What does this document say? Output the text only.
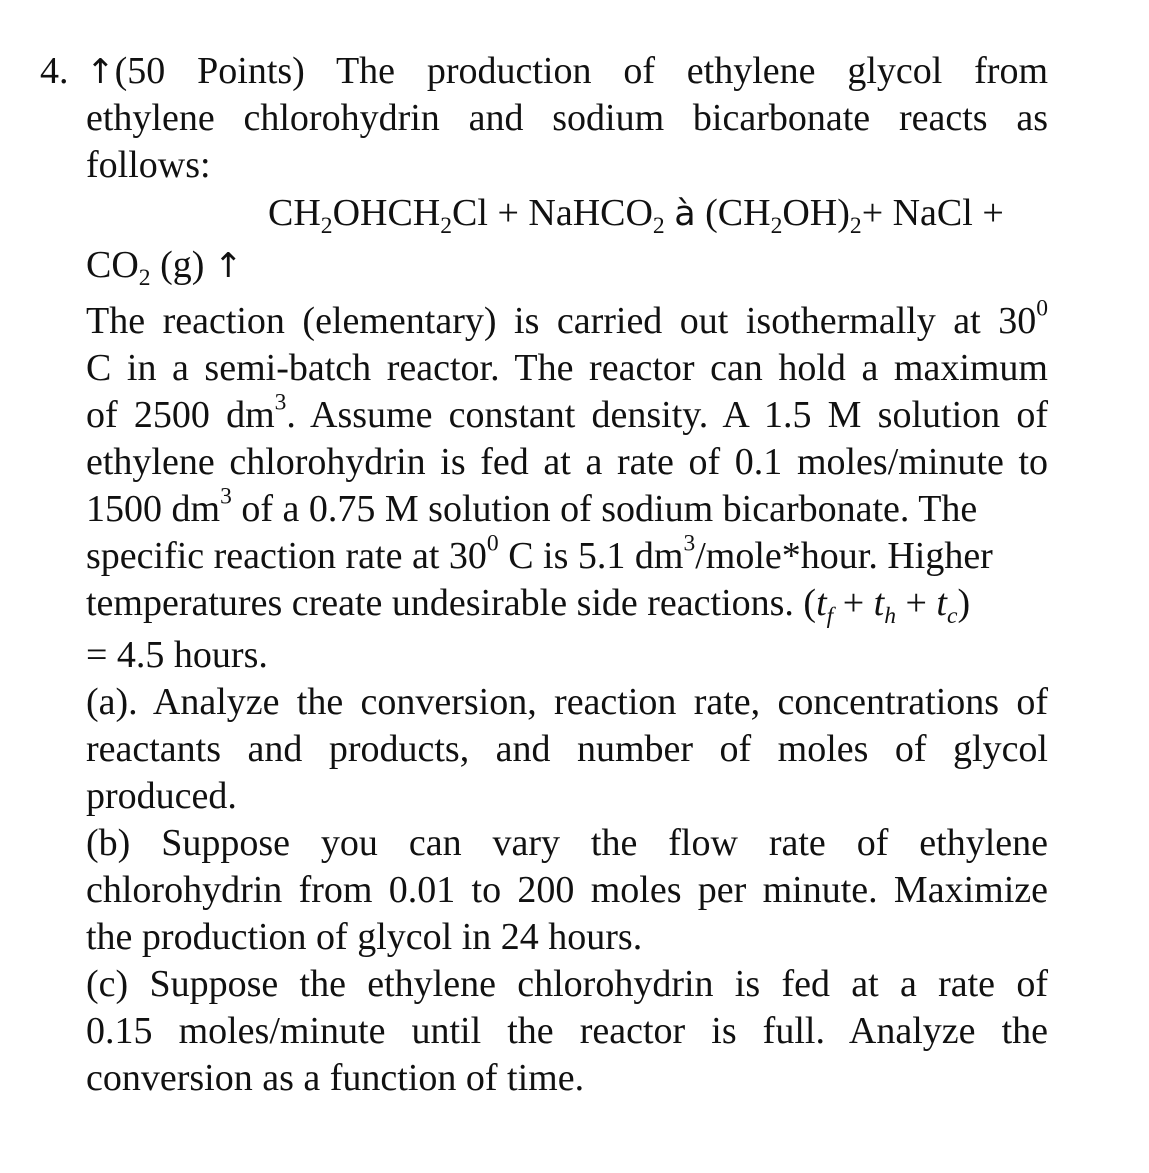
4. ↑(50 Points) The production of ethylene glycol from
ethylene chlorohydrin and sodium bicarbonate reacts as
follows:
$CH_2OHCH_2Cl$ + NaHCO$_2$ à $(CH_2OH)_2+$ NaCl +
$CO_2$ (g) ↑
The reaction (elementary) is carried out isothermally at $30^0$
C in a semi-batch reactor. The reactor can hold a maximum
of 2500 $dm^3$. Assume constant density. A 1.5 M solution of
ethylene chlorohydrin is fed at a rate of 0.1 moles/minute to
1500 $dm^3$ of a 0.75 M solution of sodium bicarbonate. The
specific reaction rate at $30^0$ C is 5.1 $dm^3/mole*hour$. Higher
temperatures create undesirable side reactions. $(t_f + t_h + t_c)$
= 4.5 hours.
(a). Analyze the conversion, reaction rate, concentrations of
reactants and products, and number of moles of glycol
produced.
(b) Suppose you can vary the flow rate of ethylene
chlorohydrin from 0.01 to 200 moles per minute. Maximize
the production of glycol in 24 hours.
(c) Suppose the ethylene chlorohydrin is fed at a rate of
0.15 moles/minute until the reactor is full. Analyze the
conversion as a function of time.
